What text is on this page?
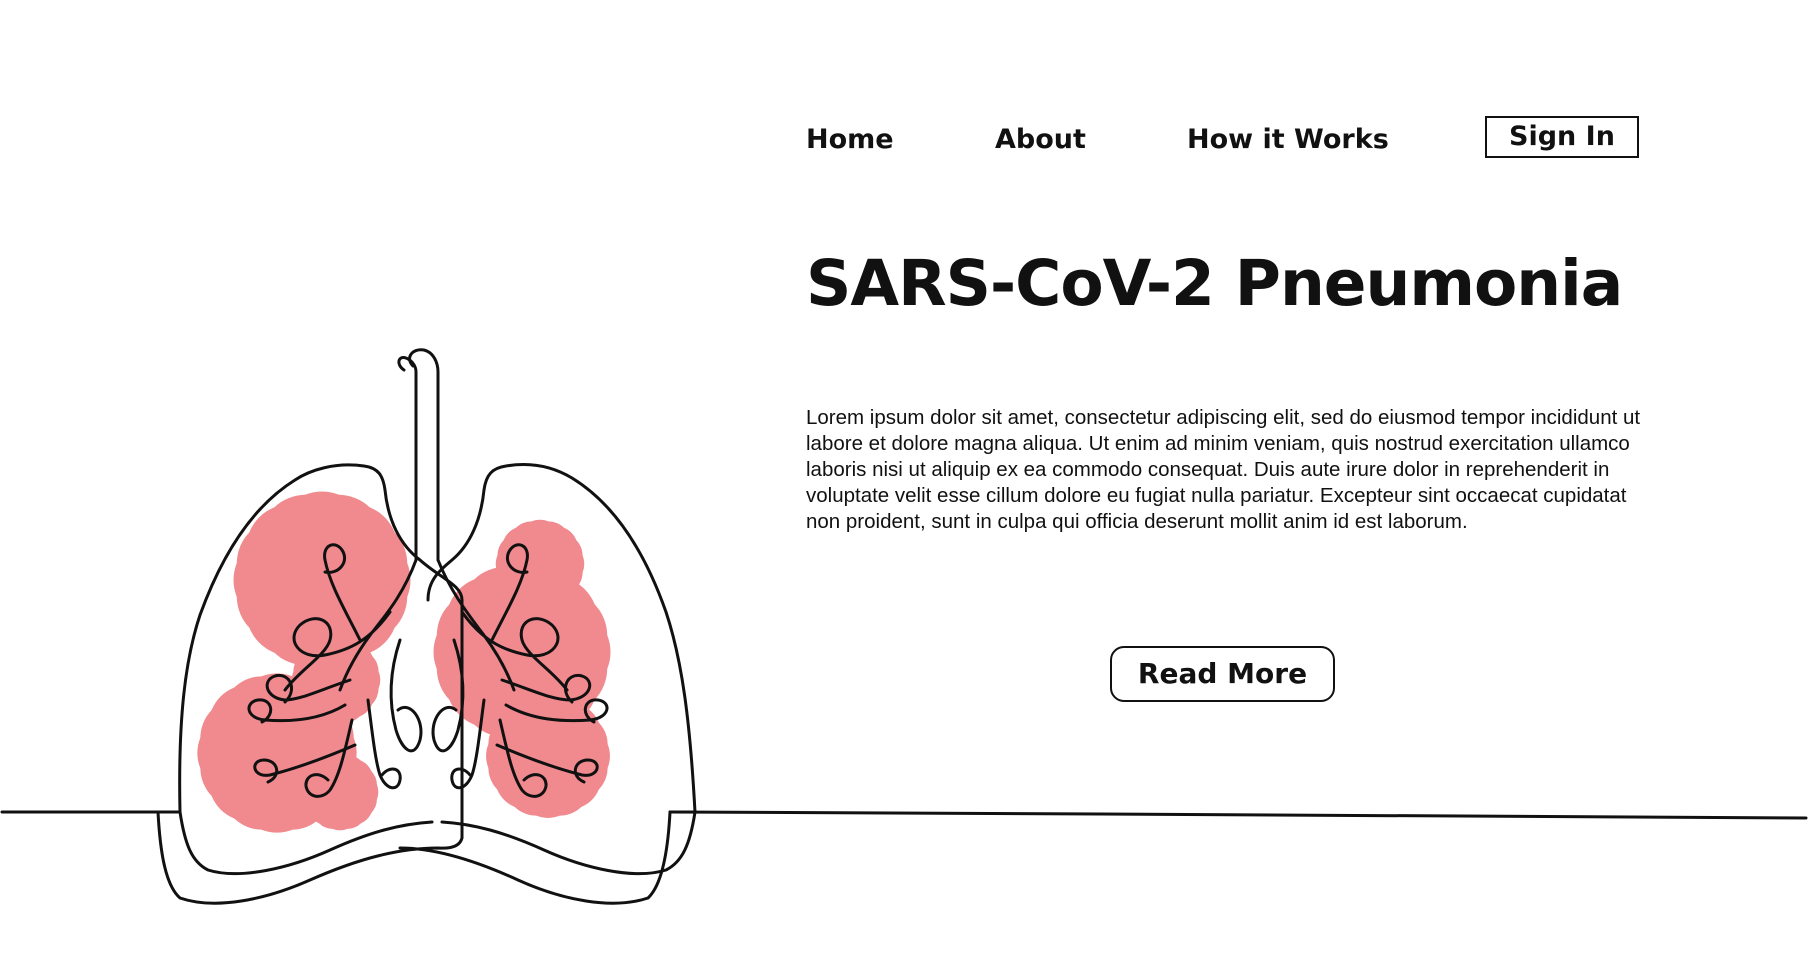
Home	About	How it Works	Sign In
SARS-CoV-2 Pneumonia

Lorem ipsum dolor sit amet, consectetur adipiscing elit, sed do eiusmod tempor incididunt ut labore et dolore magna aliqua. Ut enim ad minim veniam, quis nostrud exercitation ullamco laboris nisi ut aliquip ex ea commodo consequat. Duis aute irure dolor in reprehenderit in voluptate velit esse cillum dolore eu fugiat nulla pariatur. Excepteur sint occaecat cupidatat non proident, sunt in culpa qui officia deserunt mollit anim id est laborum.

Read More
